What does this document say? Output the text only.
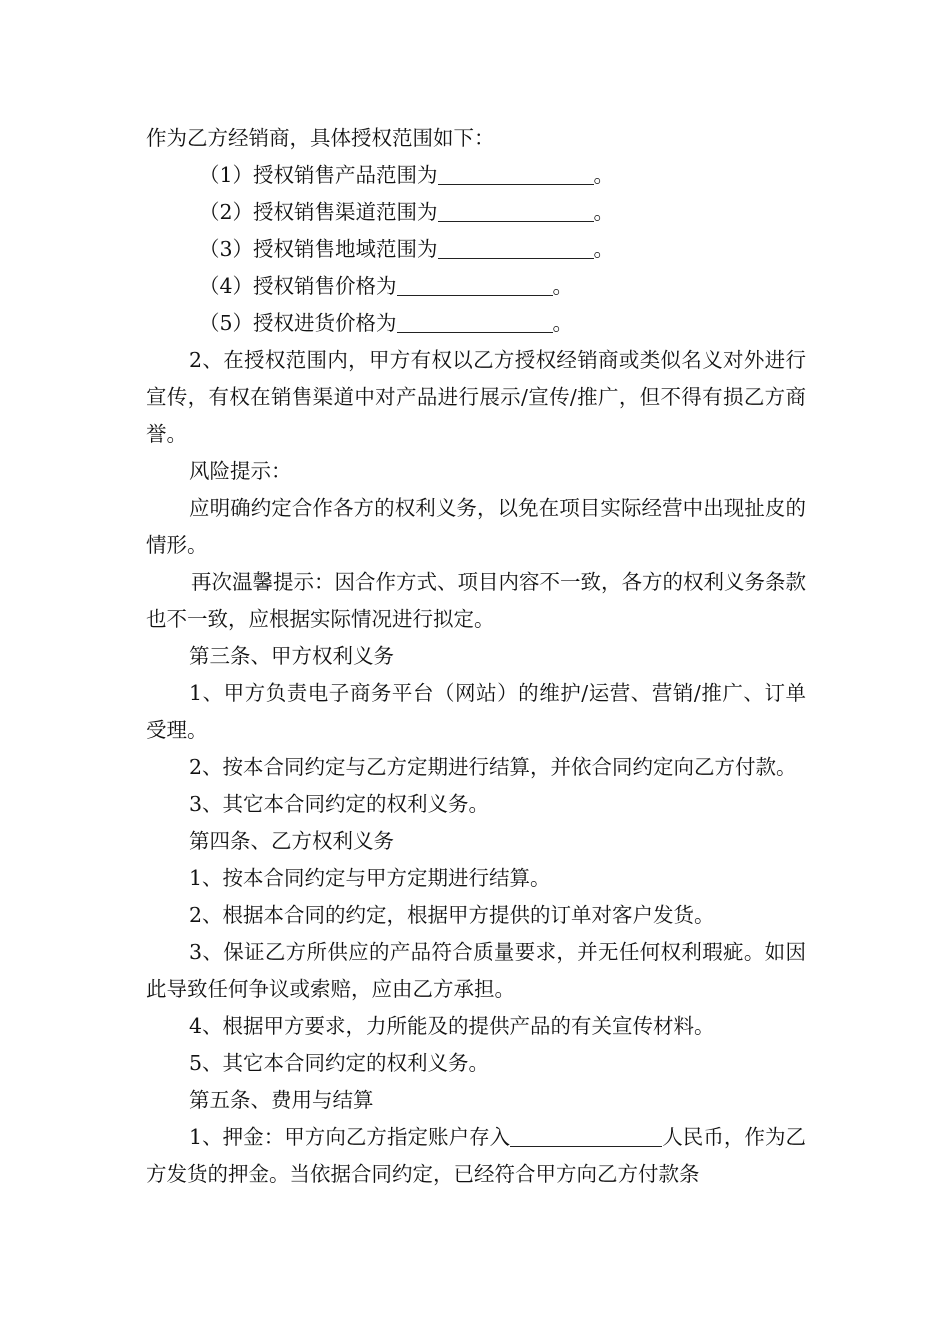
作为乙方经销商，具体授权范围如下：

（1）授权销售产品范围为	。

（2）授权销售渠道范围为	。

（3）授权销售地域范围为	。

（4）授权销售价格为	。

（5）授权进货价格为	。

2、在授权范围内，甲方有权以乙方授权经销商或类似名义对外进行宣传，有权在销售渠道中对产品进行展示/宣传/推广，但不得有损乙方商誉。

风险提示：

应明确约定合作各方的权利义务，以免在项目实际经营中出现扯皮的情形。

再次温馨提示：因合作方式、项目内容不一致，各方的权利义务条款也不一致，应根据实际情况进行拟定。

第三条、甲方权利义务

1、甲方负责电子商务平台（网站）的维护/运营、营销/推广、订单受理。

2、按本合同约定与乙方定期进行结算，并依合同约定向乙方付款。

3、其它本合同约定的权利义务。

第四条、乙方权利义务

1、按本合同约定与甲方定期进行结算。

2、根据本合同的约定，根据甲方提供的订单对客户发货。

3、保证乙方所供应的产品符合质量要求，并无任何权利瑕疵。如因此导致任何争议或索赔，应由乙方承担。

4、根据甲方要求，力所能及的提供产品的有关宣传材料。

5、其它本合同约定的权利义务。

第五条、费用与结算

1、押金：甲方向乙方指定账户存入	人民币，作为乙方发货的押金。当依据合同约定，已经符合甲方向乙方付款条
